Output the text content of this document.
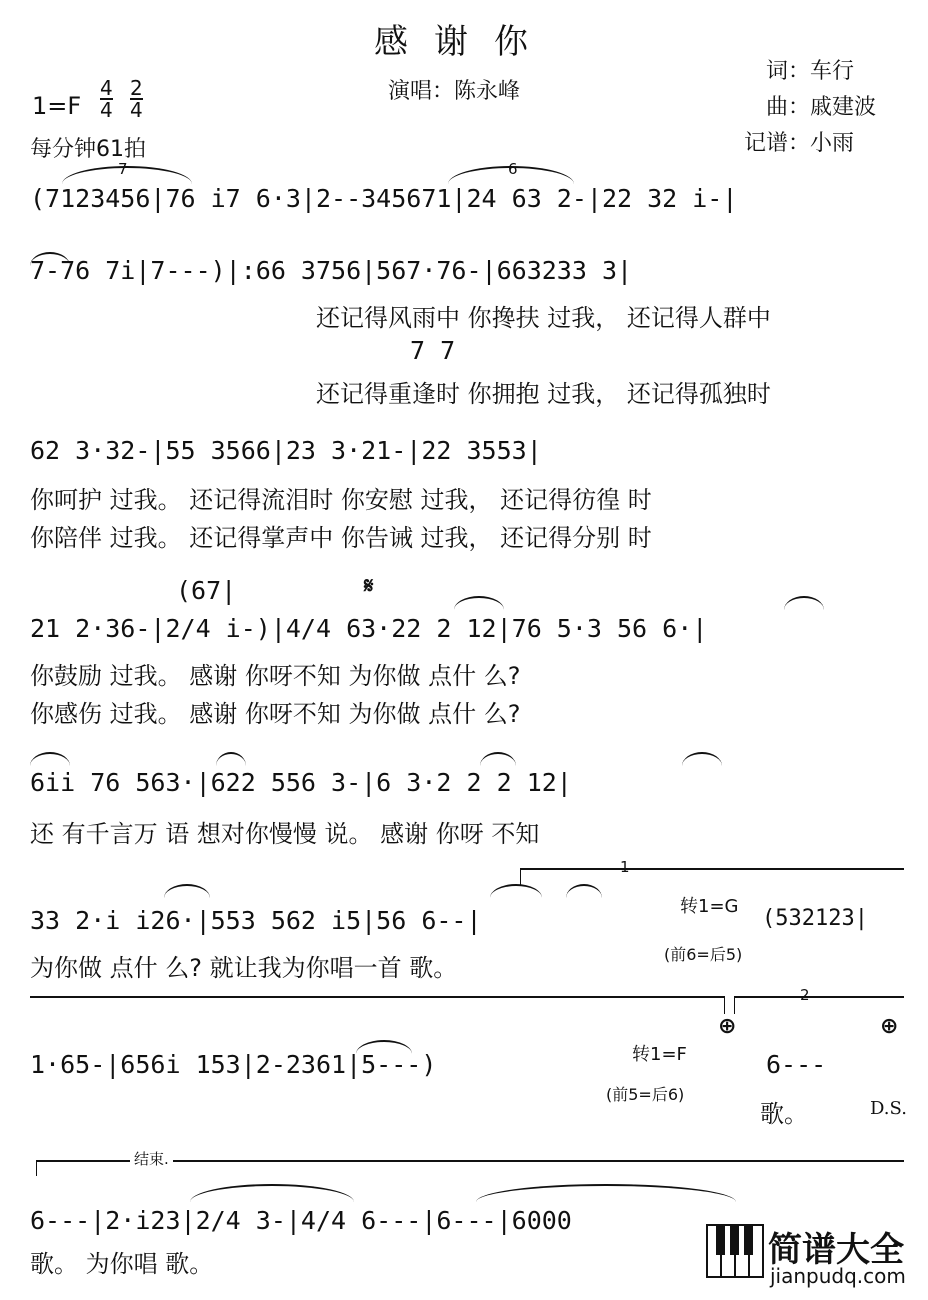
感谢你
演唱：陈永峰
词：车行
曲：戚建波
记谱：小雨
1=F
4

4
2

4
每分钟61拍
7	6
(7123456|76 i7 6·3|2--345671|24 63 2-|22 32 i-|
7-76 7i|7---)|:66 3756|567·76-|663233 3|
还记得风雨中 你搀扶 过我， 还记得人群中
7 7
还记得重逢时 你拥抱 过我， 还记得孤独时
62 3·32-|55 3566|23 3·21-|22 3553|
你呵护 过我。 还记得流泪时 你安慰 过我， 还记得彷徨 时
你陪伴 过我。 还记得掌声中 你告诫 过我， 还记得分别 时
(67|	𝄋
21 2·36-|2/4 i-)|4/4 63·22 2 12|76 5·3 56 6·|
你鼓励 过我。 感谢 你呀不知 为你做 点什 么?
你感伤 过我。 感谢 你呀不知 为你做 点什 么?
6ii 76 563·|622 556 3-|6 3·2 2 2 12|
还 有千言万 语 想对你慢慢 说。 感谢 你呀 不知
1
33 2·i i26·|553 562 i5|56 6--|	转1=G
(前6=后5)
(532123|
为你做 点什 么? 就让我为你唱一首 歌。
2
⊕	⊕
1·65-|656i 153|2-2361|5---)	转1=F
(前5=后6)
6---
歌。	D.S.
结束.
6---|2·i23|2/4 3-|4/4 6---|6---|6000
歌。 为你唱 歌。	简谱大全
jianpudq.com
